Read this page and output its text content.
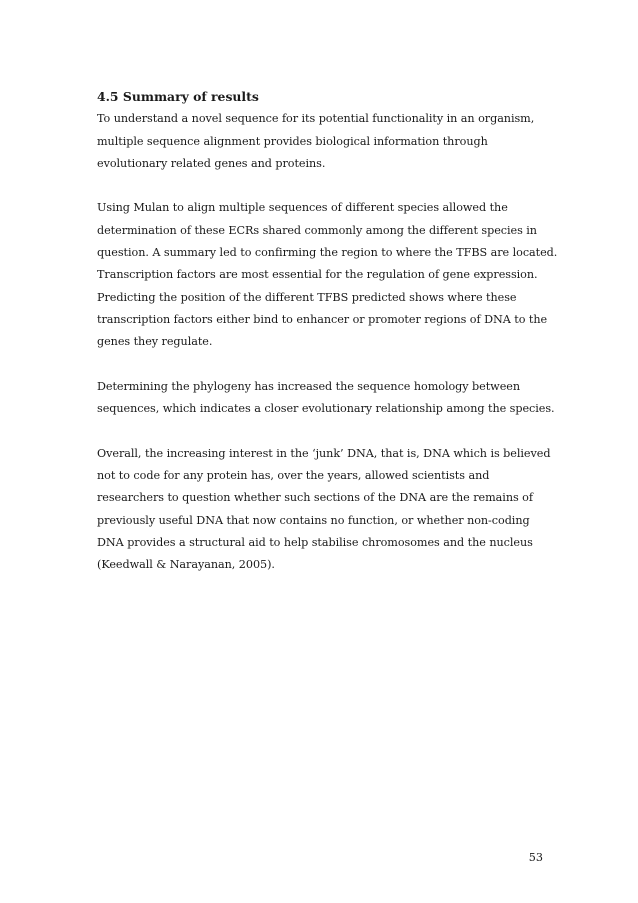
4.5 Summary of results
To understand a novel sequence for its potential functionality in an organism,
multiple sequence alignment provides biological information through
evolutionary related genes and proteins.
Using Mulan to align multiple sequences of different species allowed the
determination of these ECRs shared commonly among the different species in
question. A summary led to confirming the region to where the TFBS are located.
Transcription factors are most essential for the regulation of gene expression.
Predicting the position of the different TFBS predicted shows where these
transcription factors either bind to enhancer or promoter regions of DNA to the
genes they regulate.
Determining the phylogeny has increased the sequence homology between
sequences, which indicates a closer evolutionary relationship among the species.
Overall, the increasing interest in the ‘junk’ DNA, that is, DNA which is believed
not to code for any protein has, over the years, allowed scientists and
researchers to question whether such sections of the DNA are the remains of
previously useful DNA that now contains no function, or whether non-coding
DNA provides a structural aid to help stabilise chromosomes and the nucleus
(Keedwall & Narayanan, 2005).
53
